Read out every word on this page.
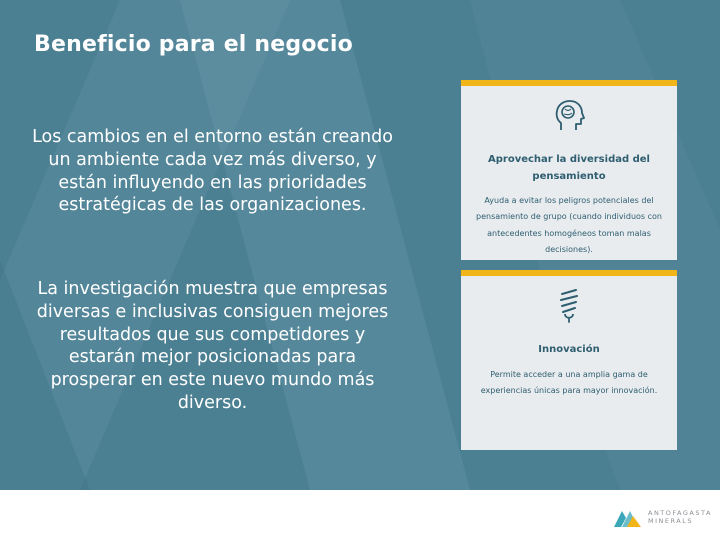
Beneficio para el negocio
Los cambios en el entorno están creando un ambiente cada vez más diverso, y están influyendo en las prioridades estratégicas de las organizaciones.
La investigación muestra que empresas diversas e inclusivas consiguen mejores resultados que sus competidores y estarán mejor posicionadas para prosperar en este nuevo mundo más diverso.
Aprovechar la diversidad del pensamiento
Ayuda a evitar los peligros potenciales del pensamiento de grupo (cuando individuos con antecedentes homogéneos toman malas decisiones).
Innovación
Permite acceder a una amplia gama de experiencias únicas para mayor innovación.
ANTOFAGASTA
MINERALS
